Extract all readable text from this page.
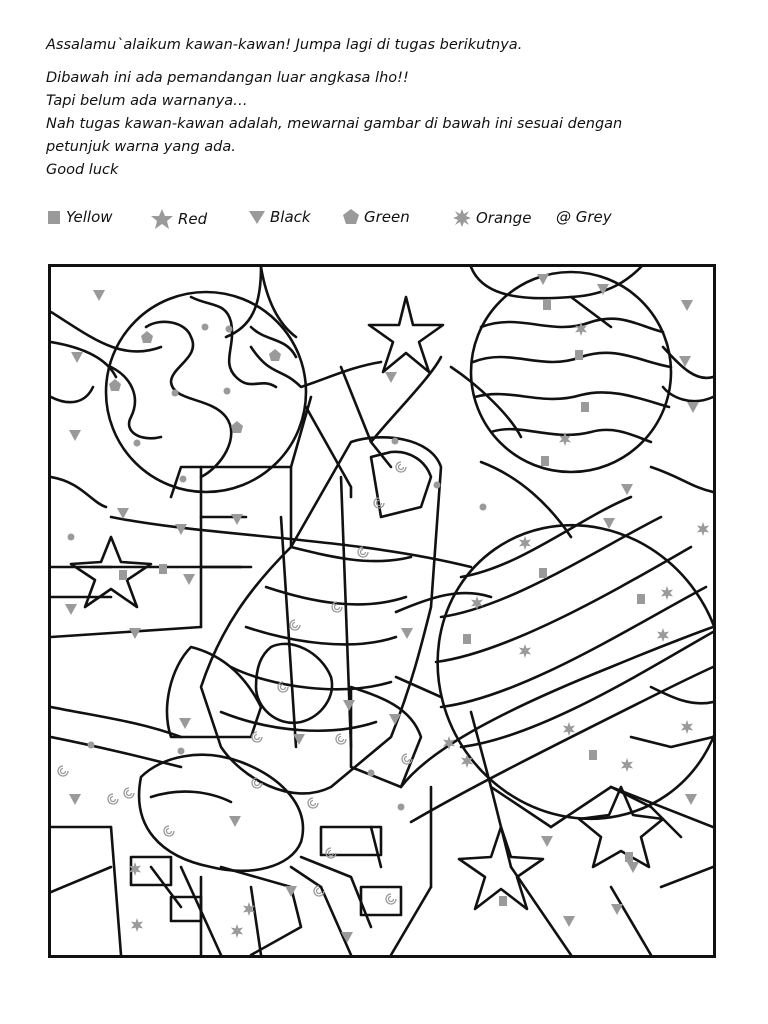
Assalamu`alaikum kawan-kawan! Jumpa lagi di tugas berikutnya.

Dibawah ini ada pemandangan luar angkasa lho!!

Tapi belum ada warnanya…

Nah tugas kawan-kawan adalah, mewarnai gambar di bawah ini sesuai dengan

petunjuk warna yang ada.

Good luck

Yellow	Red	Black	Green	Orange @ Grey
